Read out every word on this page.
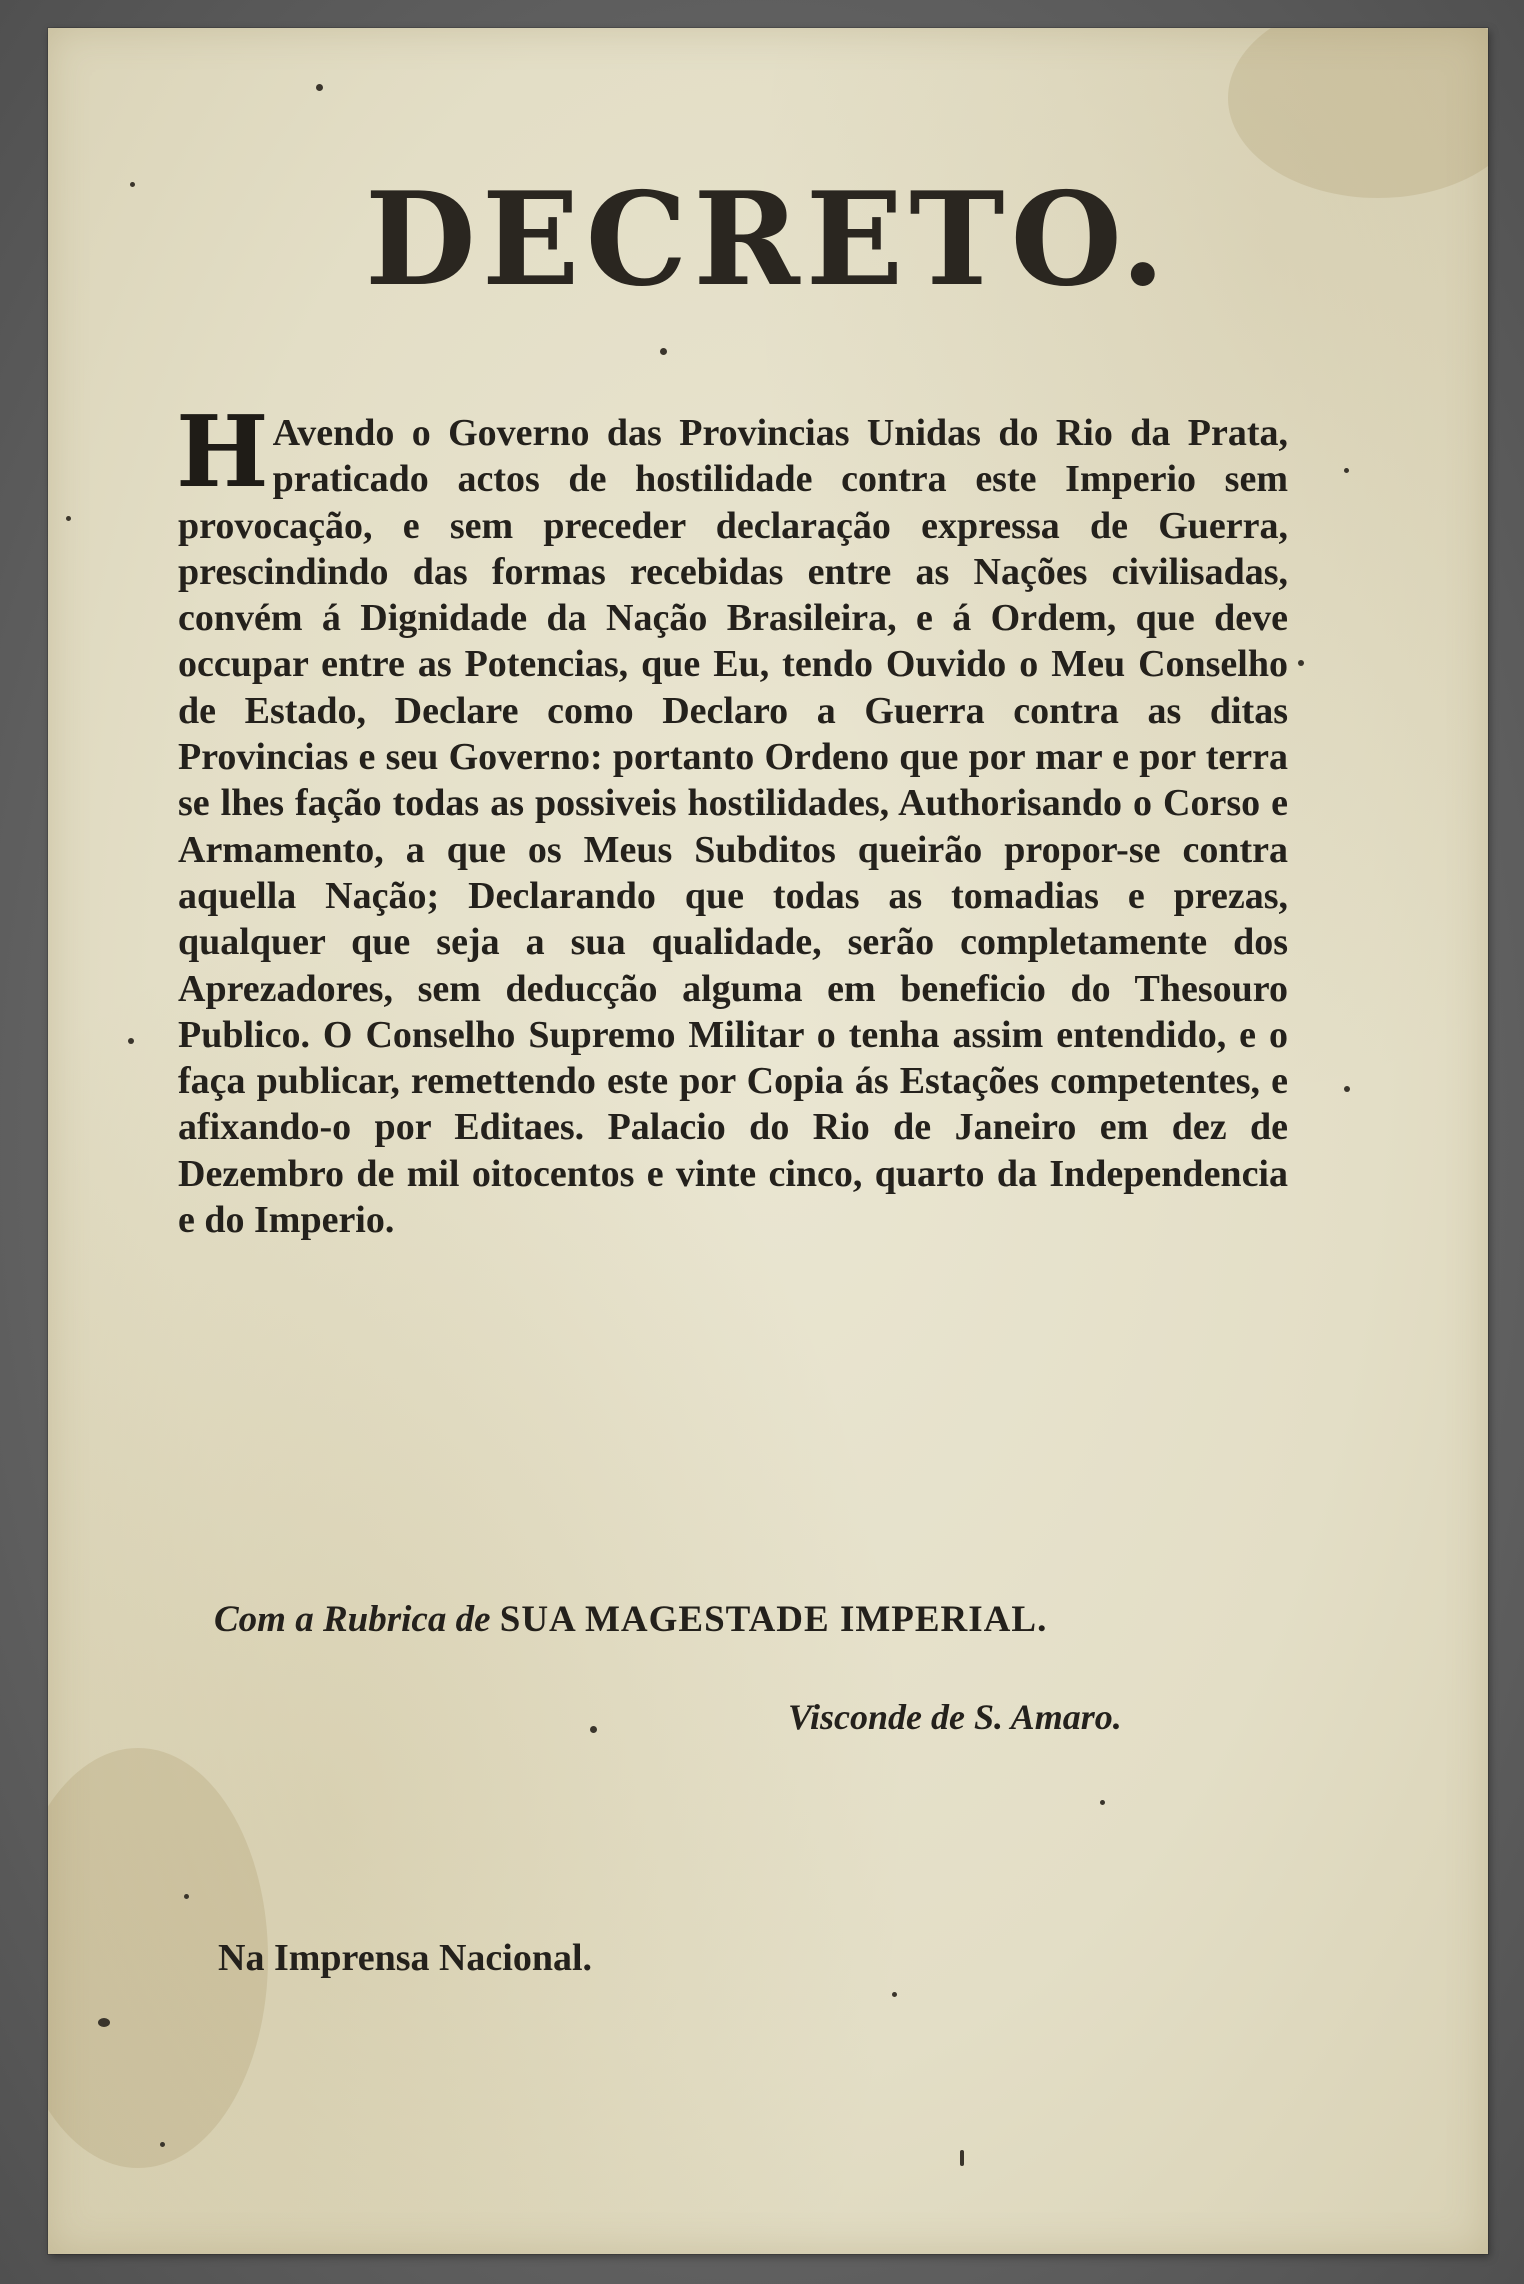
DECRETO.

H Avendo o Governo das Provincias Unidas do Rio da Prata, praticado actos de hostilidade contra este Imperio sem provocação, e sem preceder declaração expressa de Guerra, prescindindo das formas recebidas entre as Nações civilisadas, convém á Dignidade da Nação Brasileira, e á Ordem, que deve occupar entre as Potencias, que Eu, tendo Ouvido o Meu Conselho de Estado, Declare como Declaro a Guerra contra as ditas Provincias e seu Governo: portanto Ordeno que por mar e por terra se lhes fação todas as possiveis hostilidades, Authorisando o Corso e Armamento, a que os Meus Subditos queirão propor-se contra aquella Nação; Declarando que todas as tomadias e prezas, qualquer que seja a sua qualidade, serão completamente dos Aprezadores, sem deducção alguma em beneficio do Thesouro Publico. O Conselho Supremo Militar o tenha assim entendido, e o faça publicar, remettendo este por Copia ás Estações competentes, e afixando-o por Editaes. Palacio do Rio de Janeiro em dez de Dezembro de mil oitocentos e vinte cinco, quarto da Independencia e do Imperio.

Com a Rubrica de SUA MAGESTADE IMPERIAL.
Visconde de S. Amaro.
Na Imprensa Nacional.
